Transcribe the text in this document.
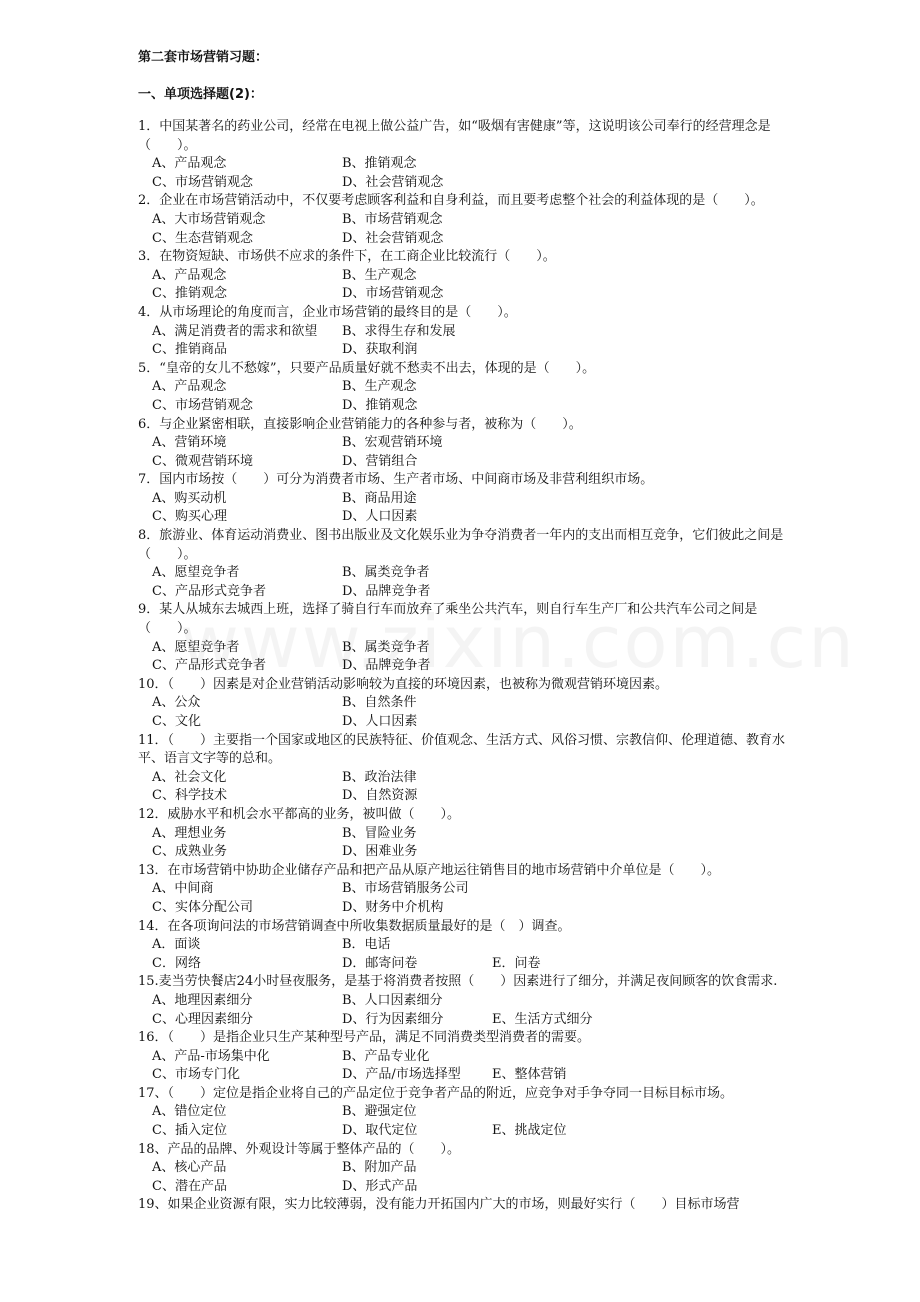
第二套市场营销习题：
一、单项选择题(2)：
1．中国某著名的药业公司，经常在电视上做公益广告，如“吸烟有害健康”等，这说明该公司奉行的经营理念是（　　）。
A、产品观念	B、推销观念
C、市场营销观念	D、社会营销观念
2．企业在市场营销活动中，不仅要考虑顾客利益和自身利益，而且要考虑整个社会的利益体现的是（　　）。
A、大市场营销观念	B、市场营销观念
C、生态营销观念	D、社会营销观念
3．在物资短缺、市场供不应求的条件下，在工商企业比较流行（　　）。
A、产品观念	B、生产观念
C、推销观念	D、市场营销观念
4．从市场理论的角度而言，企业市场营销的最终目的是（　　）。
A、满足消费者的需求和欲望	B、求得生存和发展
C、推销商品	D、获取利润
5．“皇帝的女儿不愁嫁”，只要产品质量好就不愁卖不出去，体现的是（　　）。
A、产品观念	B、生产观念
C、市场营销观念	D、推销观念
6．与企业紧密相联，直接影响企业营销能力的各种参与者，被称为（　　）。
A、营销环境	B、宏观营销环境
C、微观营销环境	D、营销组合
7．国内市场按（　　）可分为消费者市场、生产者市场、中间商市场及非营利组织市场。
A、购买动机	B、商品用途
C、购买心理	D、人口因素
8．旅游业、体育运动消费业、图书出版业及文化娱乐业为争夺消费者一年内的支出而相互竞争，它们彼此之间是（　　）。
A、愿望竞争者	B、属类竞争者
C、产品形式竞争者	D、品牌竞争者
9．某人从城东去城西上班，选择了骑自行车而放弃了乘坐公共汽车，则自行车生产厂和公共汽车公司之间是（　　）。
A、愿望竞争者	B、属类竞争者
C、产品形式竞争者	D、品牌竞争者
10．（　　）因素是对企业营销活动影响较为直接的环境因素，也被称为微观营销环境因素。
A、公众	B、自然条件
C、文化	D、人口因素
11．（　　）主要指一个国家或地区的民族特征、价值观念、生活方式、风俗习惯、宗教信仰、伦理道德、教育水平、语言文字等的总和。
A、社会文化	B、政治法律
C、科学技术	D、自然资源
12．威胁水平和机会水平都高的业务，被叫做（　　）。
A、理想业务	B、冒险业务
C、成熟业务	D、困难业务
13．在市场营销中协助企业储存产品和把产品从原产地运往销售目的地市场营销中介单位是（　　）。
A、中间商	B、市场营销服务公司
C、实体分配公司	D、财务中介机构
14．在各项询问法的市场营销调查中所收集数据质量最好的是（　）调查。
A．面谈	B．电话
C．网络	D．邮寄问卷	E．问卷
15.麦当劳快餐店24小时昼夜服务，是基于将消费者按照（　　）因素进行了细分，并满足夜间顾客的饮食需求.
A、地理因素细分	B、人口因素细分
C、心理因素细分	D、行为因素细分	E、生活方式细分
16．（　　）是指企业只生产某种型号产品，满足不同消费类型消费者的需要。
A、产品-市场集中化	B、产品专业化
C、市场专门化	D、产品/市场选择型	E、整体营销
17、（　　）定位是指企业将自己的产品定位于竞争者产品的附近，应竞争对手争夺同一目标目标市场。
A、错位定位	B、避强定位
C、插入定位	D、取代定位	E、挑战定位
18、产品的品牌、外观设计等属于整体产品的（　　）。
A、核心产品	B、附加产品
C、潜在产品	D、形式产品
19、如果企业资源有限，实力比较薄弱，没有能力开拓国内广大的市场，则最好实行（　　）目标市场营
